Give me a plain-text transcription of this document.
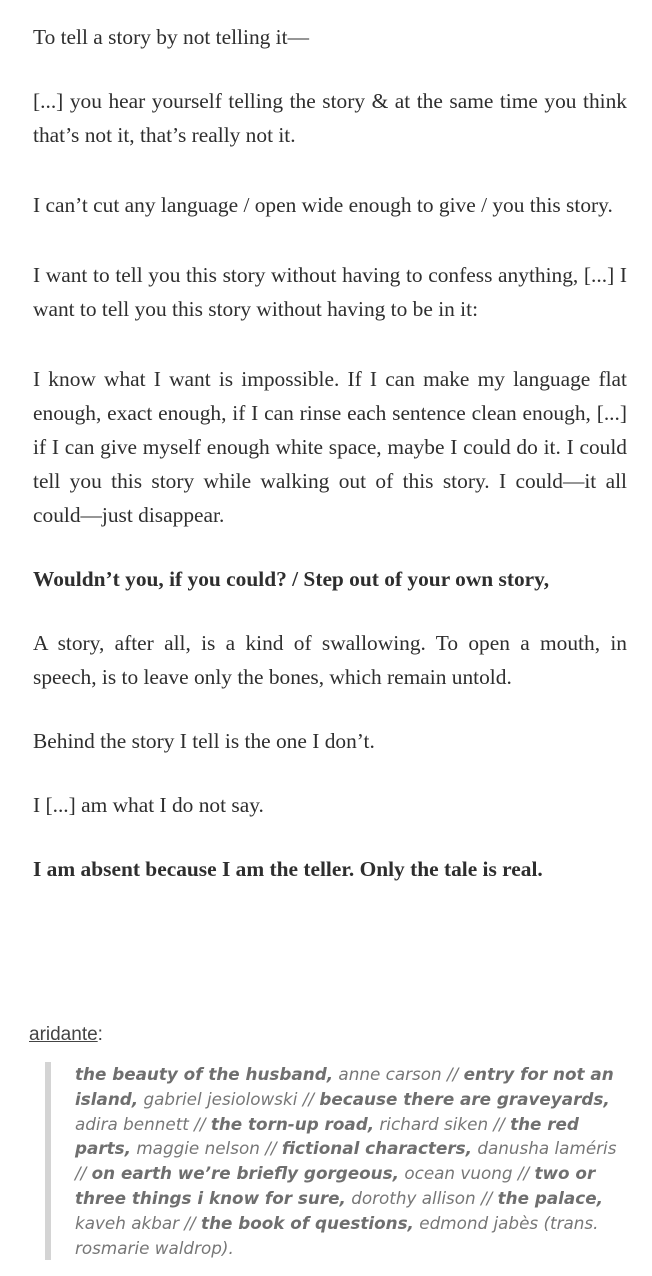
To tell a story by not telling it—

[...] you hear yourself telling the story & at the same time you think that’s not it, that’s really not it.

I can’t cut any language / open wide enough to give / you this story.

I want to tell you this story without having to confess anything, [...] I want to tell you this story without having to be in it:

I know what I want is impossible. If I can make my language flat enough, exact enough, if I can rinse each sentence clean enough, [...] if I can give myself enough white space, maybe I could do it. I could tell you this story while walking out of this story. I could—it all could—just disappear.

Wouldn’t you, if you could? / Step out of your own story,

A story, after all, is a kind of swallowing. To open a mouth, in speech, is to leave only the bones, which remain untold.

Behind the story I tell is the one I don’t.

I [...] am what I do not say.

I am absent because I am the teller. Only the tale is real.

aridante:
the beauty of the husband, anne carson // entry for not an island, gabriel jesiolowski // because there are graveyards, adira bennett // the torn-up road, richard siken // the red parts, maggie nelson // fictional characters, danusha laméris // on earth we’re briefly gorgeous, ocean vuong // two or three things i know for sure, dorothy allison // the palace, kaveh akbar // the book of questions, edmond jabès (trans. rosmarie waldrop).
